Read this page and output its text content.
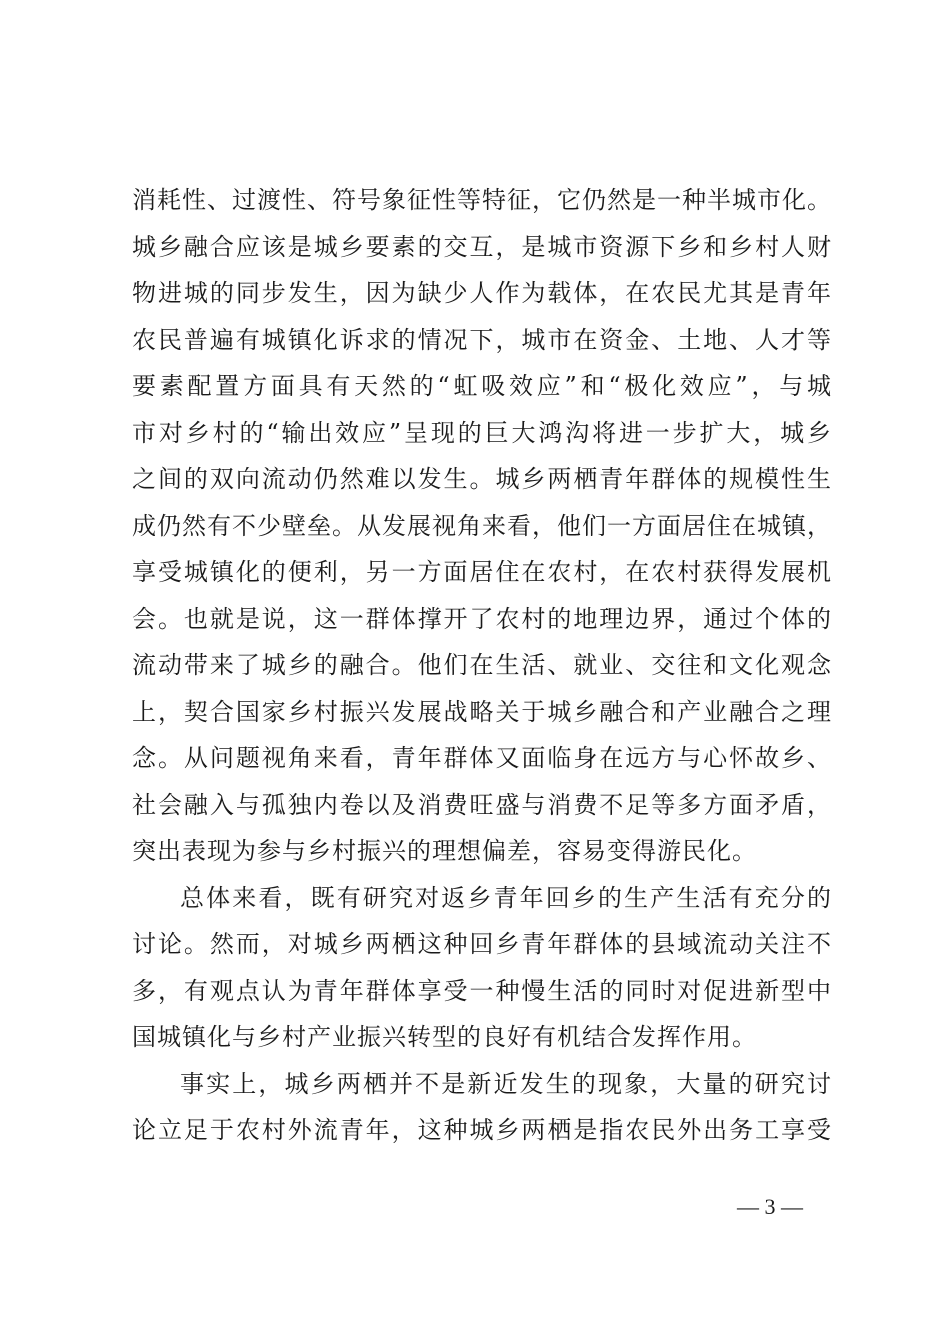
消耗性、过渡性、符号象征性等特征，它仍然是一种半城市化。
城乡融合应该是城乡要素的交互，是城市资源下乡和乡村人财
物进城的同步发生，因为缺少人作为载体，在农民尤其是青年
农民普遍有城镇化诉求的情况下，城市在资金、土地、人才等
要素配置方面具有天然的“虹吸效应”和“极化效应”，与城
市对乡村的“输出效应”呈现的巨大鸿沟将进一步扩大，城乡
之间的双向流动仍然难以发生。城乡两栖青年群体的规模性生
成仍然有不少壁垒。从发展视角来看，他们一方面居住在城镇，
享受城镇化的便利，另一方面居住在农村，在农村获得发展机
会。也就是说，这一群体撑开了农村的地理边界，通过个体的
流动带来了城乡的融合。他们在生活、就业、交往和文化观念
上，契合国家乡村振兴发展战略关于城乡融合和产业融合之理
念。从问题视角来看，青年群体又面临身在远方与心怀故乡、
社会融入与孤独内卷以及消费旺盛与消费不足等多方面矛盾，
突出表现为参与乡村振兴的理想偏差，容易变得游民化。
总体来看，既有研究对返乡青年回乡的生产生活有充分的
讨论。然而，对城乡两栖这种回乡青年群体的县域流动关注不
多，有观点认为青年群体享受一种慢生活的同时对促进新型中
国城镇化与乡村产业振兴转型的良好有机结合发挥作用。
事实上，城乡两栖并不是新近发生的现象，大量的研究讨
论立足于农村外流青年，这种城乡两栖是指农民外出务工享受
— 3 —
